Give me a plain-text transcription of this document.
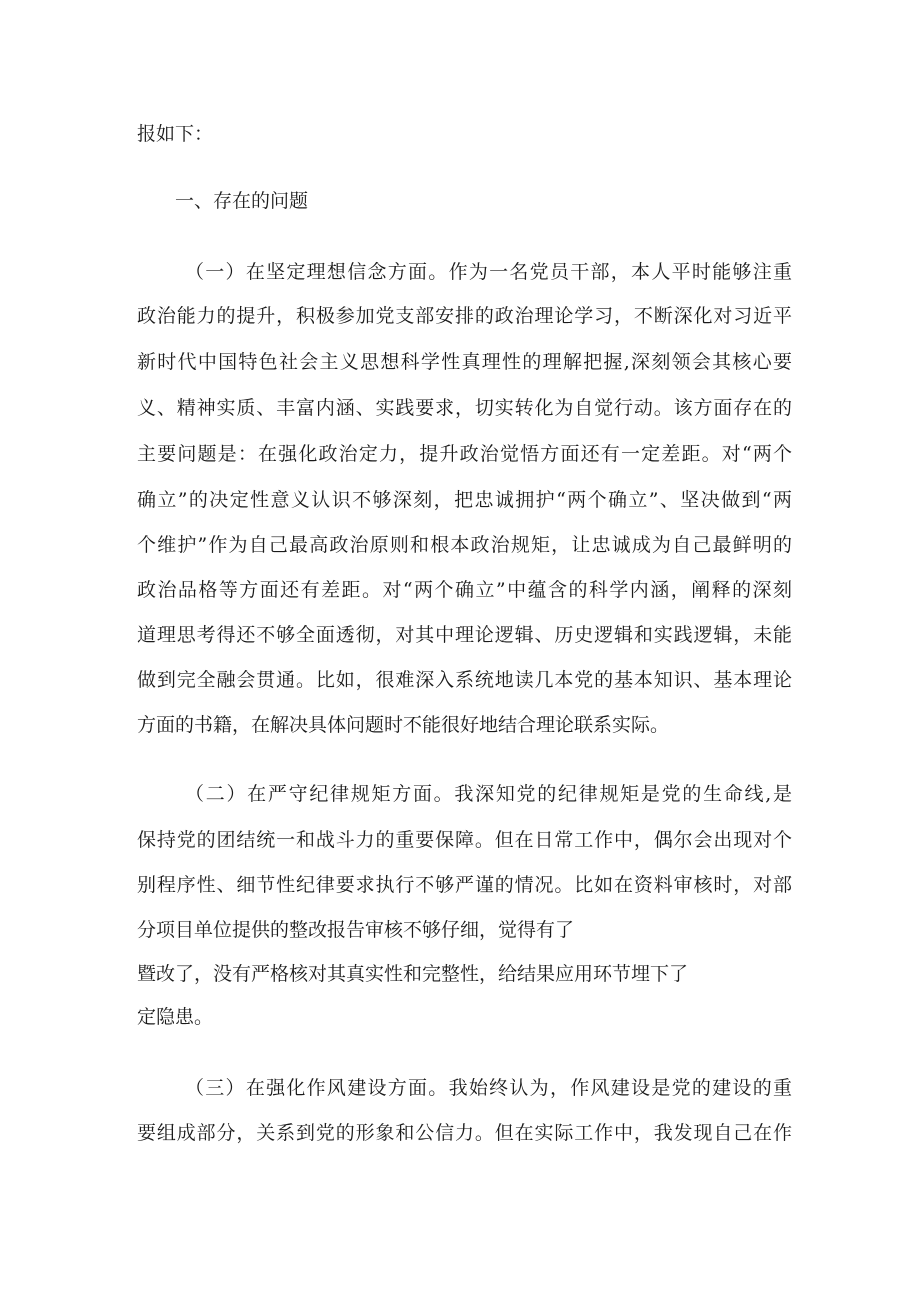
报如下：
一、存在的问题
（一）在坚定理想信念方面。作为一名党员干部，本人平时能够注重
政治能力的提升，积极参加党支部安排的政治理论学习，不断深化对习近平
新时代中国特色社会主义思想科学性真理性的理解把握,深刻领会其核心要
义、精神实质、丰富内涵、实践要求，切实转化为自觉行动。该方面存在的
主要问题是：在强化政治定力，提升政治觉悟方面还有一定差距。对“两个
确立”的决定性意义认识不够深刻，把忠诚拥护“两个确立”、坚决做到“两
个维护”作为自己最高政治原则和根本政治规矩，让忠诚成为自己最鲜明的
政治品格等方面还有差距。对“两个确立”中蕴含的科学内涵，阐释的深刻
道理思考得还不够全面透彻，对其中理论逻辑、历史逻辑和实践逻辑，未能
做到完全融会贯通。比如，很难深入系统地读几本党的基本知识、基本理论
方面的书籍，在解决具体问题时不能很好地结合理论联系实际。
（二）在严守纪律规矩方面。我深知党的纪律规矩是党的生命线,是
保持党的团结统一和战斗力的重要保障。但在日常工作中，偶尔会出现对个
别程序性、细节性纪律要求执行不够严谨的情况。比如在资料审核时，对部
分项目单位提供的整改报告审核不够仔细，觉得有了
暨改了，没有严格核对其真实性和完整性，给结果应用环节埋下了
定隐患。
（三）在强化作风建设方面。我始终认为，作风建设是党的建设的重
要组成部分，关系到党的形象和公信力。但在实际工作中，我发现自己在作
